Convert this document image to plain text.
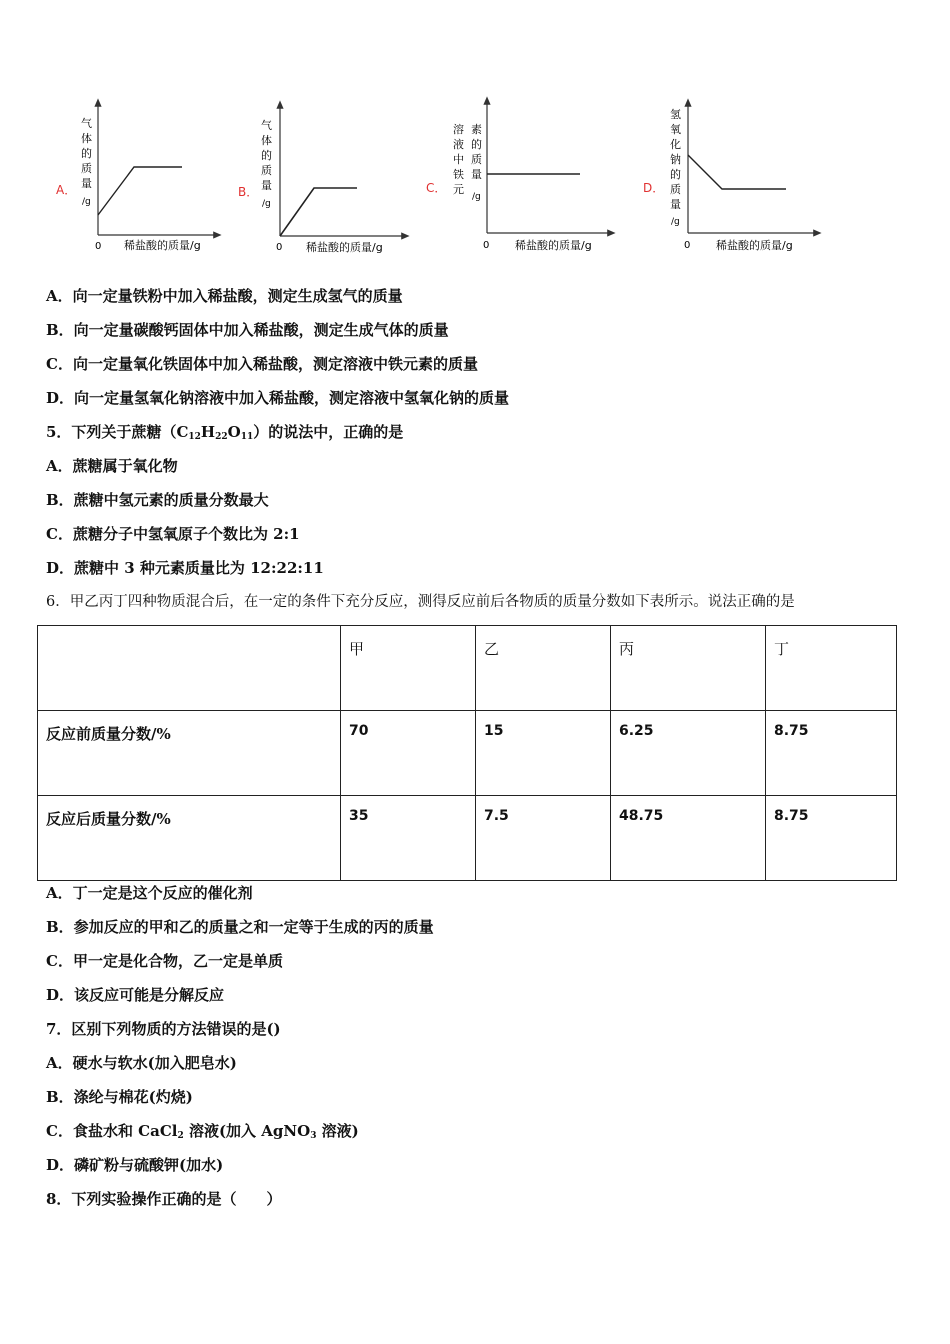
A．
气
体
的
质
量
/g
0 稀盐酸的质量/g
B．
气
体
的
质
量
/g
0 稀盐酸的质量/g
C．
溶
液
中
铁
元
素
的
质
量
/g
0 稀盐酸的质量/g
D．
氢
氧
化
钠
的
质
量
/g
0 稀盐酸的质量/g
A．向一定量铁粉中加入稀盐酸，测定生成氢气的质量
B．向一定量碳酸钙固体中加入稀盐酸，测定生成气体的质量
C．向一定量氧化铁固体中加入稀盐酸，测定溶液中铁元素的质量
D．向一定量氢氧化钠溶液中加入稀盐酸，测定溶液中氢氧化钠的质量
5．下列关于蔗糖$(C_{12}H_{22}O_{11})$的说法中，正确的是
A．蔗糖属于氧化物
B．蔗糖中氢元素的质量分数最大
C．蔗糖分子中氢氧原子个数比为 2:1
D．蔗糖中 3 种元素质量比为 12:22:11
6．甲乙丙丁四种物质混合后，在一定的条件下充分反应，测得反应前后各物质的质量分数如下表所示。说法正确的是
	甲	乙	丙	丁
反应前质量分数/%	70	15	6.25	8.75
反应后质量分数/%	35	7.5	48.75	8.75
A．丁一定是这个反应的催化剂
B．参加反应的甲和乙的质量之和一定等于生成的丙的质量
C．甲一定是化合物，乙一定是单质
D．该反应可能是分解反应
7．区别下列物质的方法错误的是()
A．硬水与软水(加入肥皂水)
B．涤纶与棉花(灼烧)
C．食盐水和 CaCl$_2$ 溶液(加入 AgNO$_3$ 溶液)
D．磷矿粉与硫酸钾(加水)
8．下列实验操作正确的是（　　）
